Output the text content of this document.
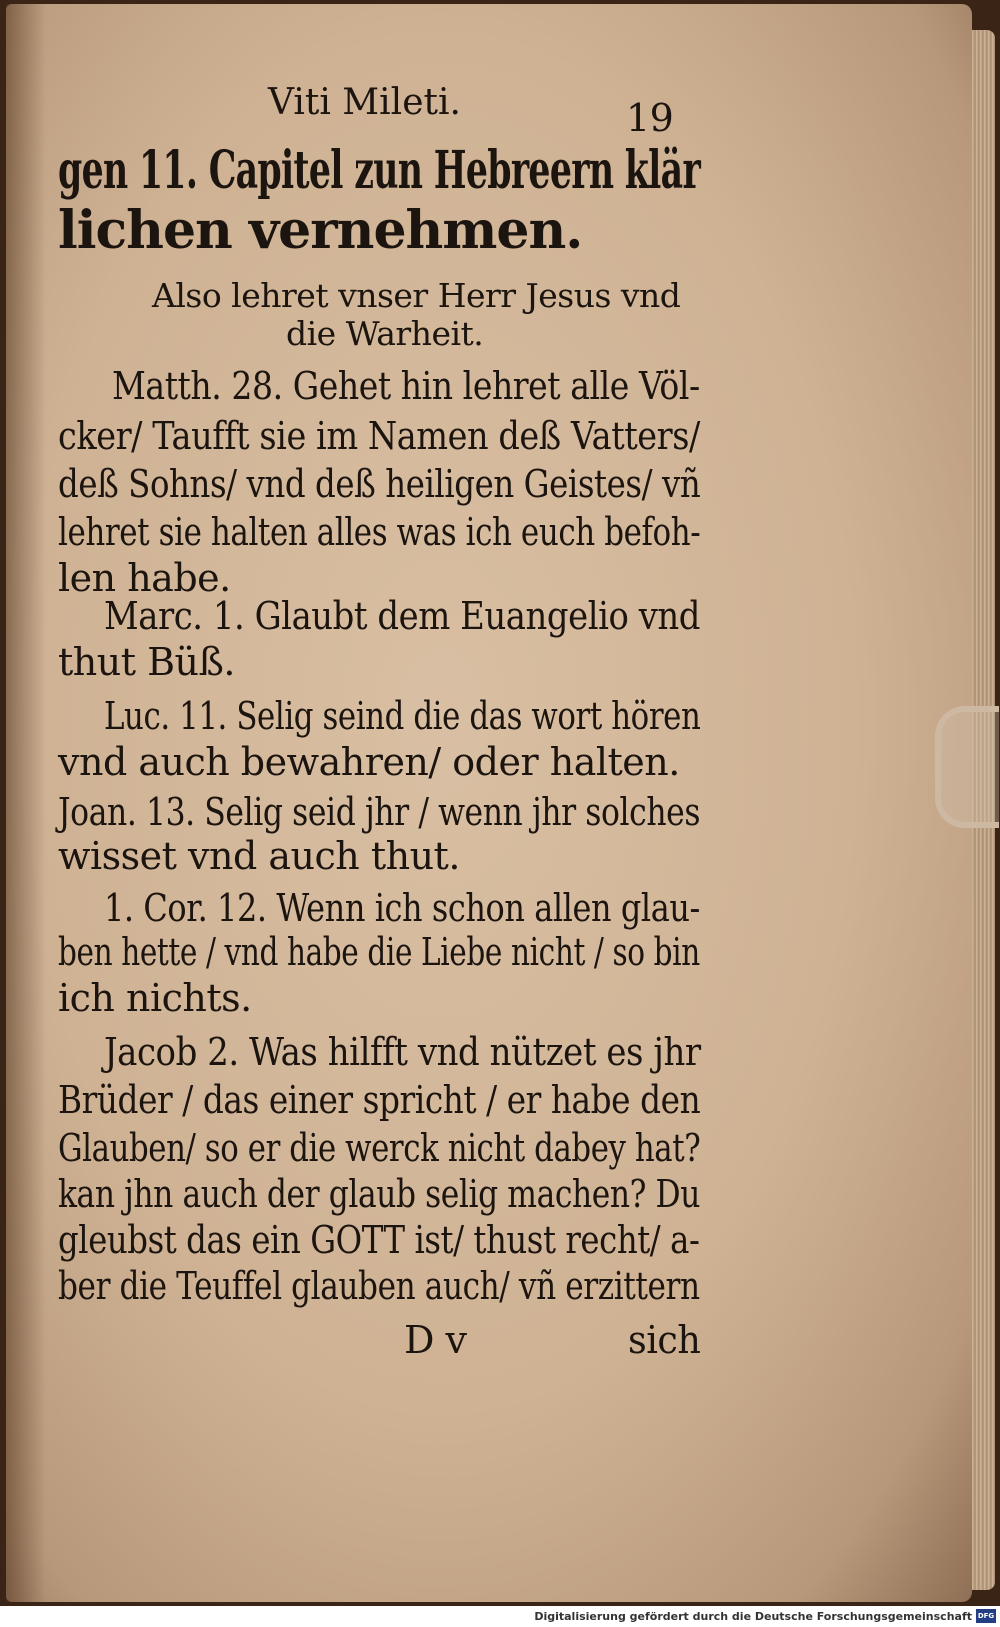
Viti Mileti.	19
gen 11. Capitel zun Hebreern klär
lichen vernehmen.
Also lehret vnser Herr Jesus vnd
die Warheit.
Matth. 28. Gehet hin lehret alle Völ-
cker/ Taufft sie im Namen deß Vatters/
deß Sohns/ vnd deß heiligen Geistes/ vñ
lehret sie halten alles was ich euch befoh-
len habe.
Marc. 1. Glaubt dem Euangelio vnd
thut Büß.
Luc. 11. Selig seind die das wort hören
vnd auch bewahren/ oder halten.
Joan. 13. Selig seid jhr / wenn jhr solches
wisset vnd auch thut.
1. Cor. 12. Wenn ich schon allen glau-
ben hette / vnd habe die Liebe nicht / so bin
ich nichts.
Jacob 2. Was hilfft vnd nützet es jhr
Brüder / das einer spricht / er habe den
Glauben/ so er die werck nicht dabey hat?
kan jhn auch der glaub selig machen? Du
gleubst das ein GOTT ist/ thust recht/ a-
ber die Teuffel glauben auch/ vñ erzittern
D v	sich
Digitalisierung gefördert durch die Deutsche Forschungsgemeinschaft DFG
